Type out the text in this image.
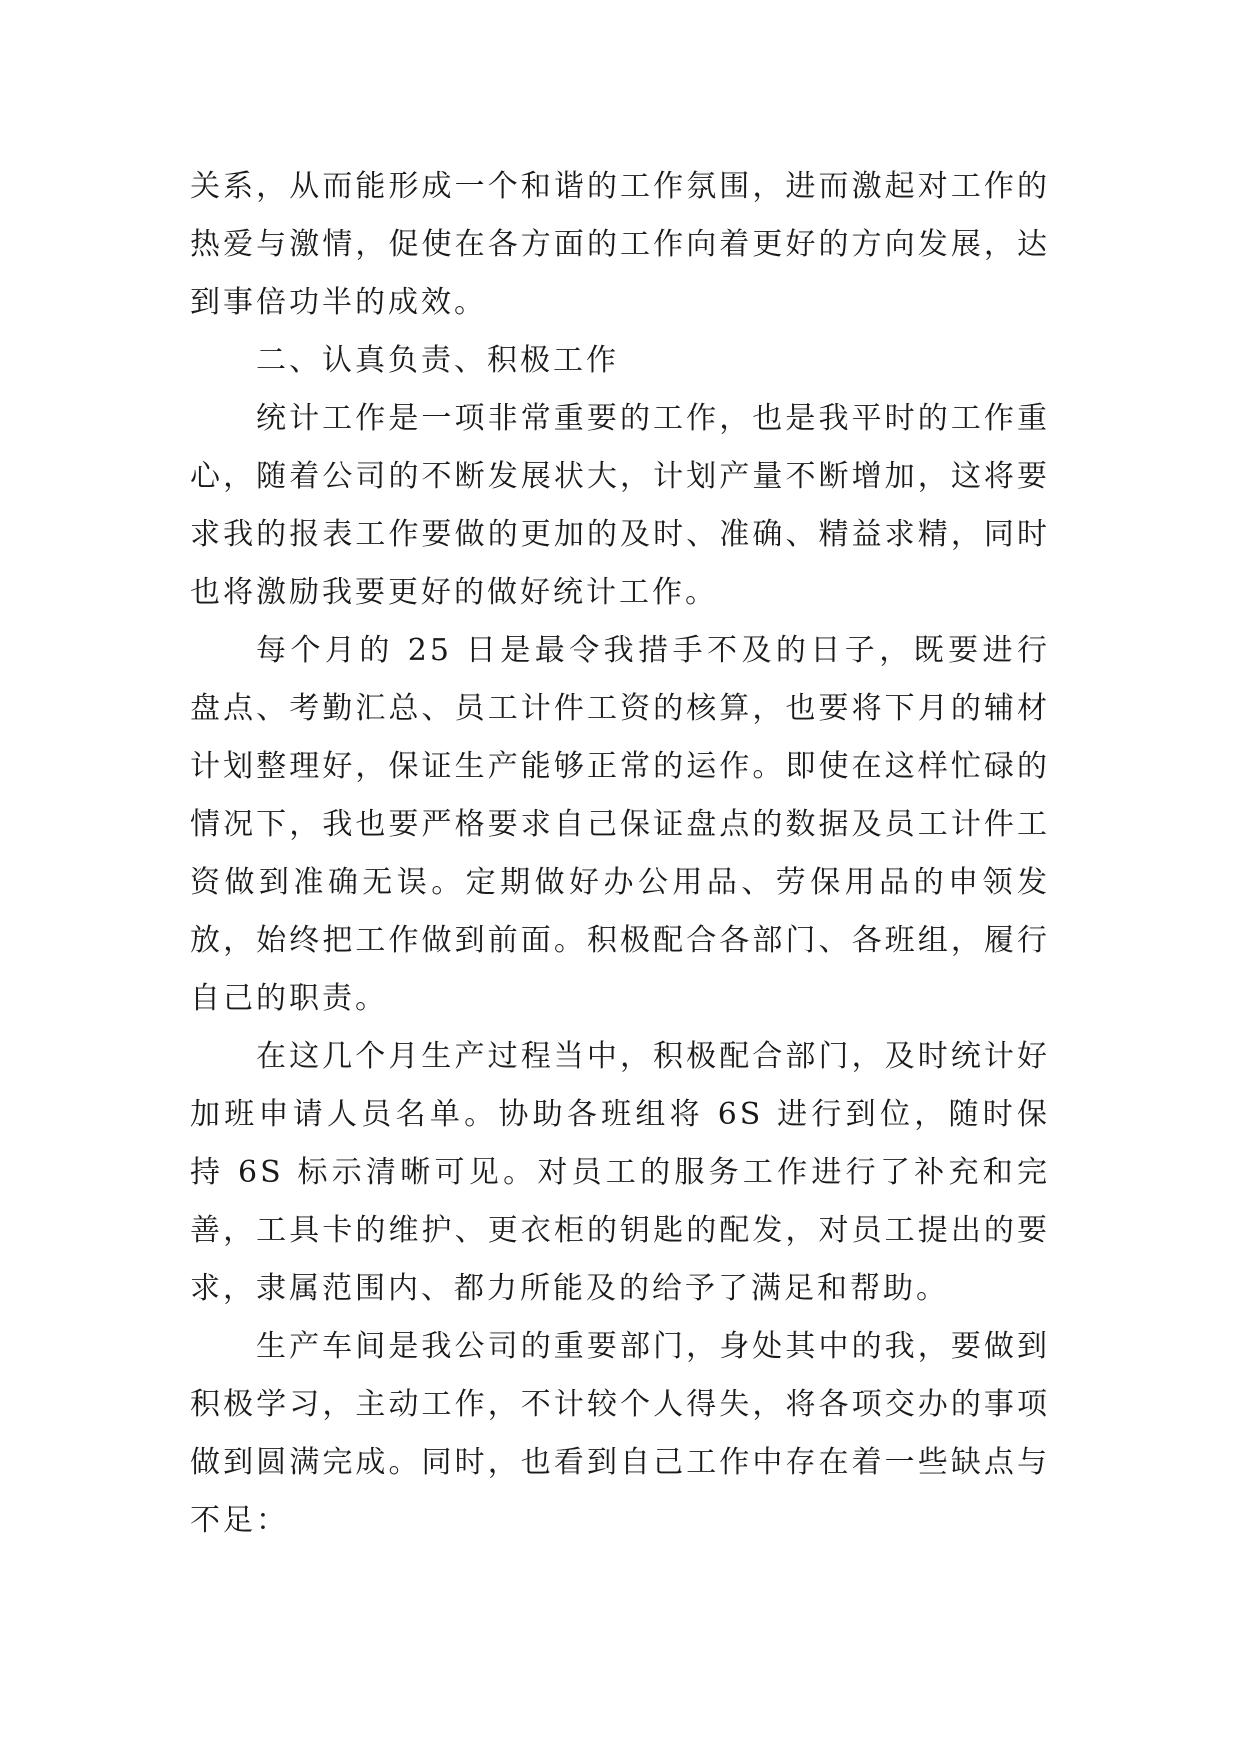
关系，从而能形成一个和谐的工作氛围，进而激起对工作的热爱与激情，促使在各方面的工作向着更好的方向发展，达到事倍功半的成效。

二、认真负责、积极工作

统计工作是一项非常重要的工作，也是我平时的工作重心，随着公司的不断发展状大，计划产量不断增加，这将要求我的报表工作要做的更加的及时、准确、精益求精，同时也将激励我要更好的做好统计工作。

每个月的 25 日是最令我措手不及的日子，既要进行盘点、考勤汇总、员工计件工资的核算，也要将下月的辅材计划整理好，保证生产能够正常的运作。即使在这样忙碌的情况下，我也要严格要求自己保证盘点的数据及员工计件工资做到准确无误。定期做好办公用品、劳保用品的申领发放，始终把工作做到前面。积极配合各部门、各班组，履行自己的职责。

在这几个月生产过程当中，积极配合部门，及时统计好加班申请人员名单。协助各班组将 6S 进行到位，随时保持 6S 标示清晰可见。对员工的服务工作进行了补充和完善，工具卡的维护、更衣柜的钥匙的配发，对员工提出的要求，隶属范围内、都力所能及的给予了满足和帮助。

生产车间是我公司的重要部门，身处其中的我，要做到积极学习，主动工作，不计较个人得失，将各项交办的事项做到圆满完成。同时，也看到自己工作中存在着一些缺点与不足：
